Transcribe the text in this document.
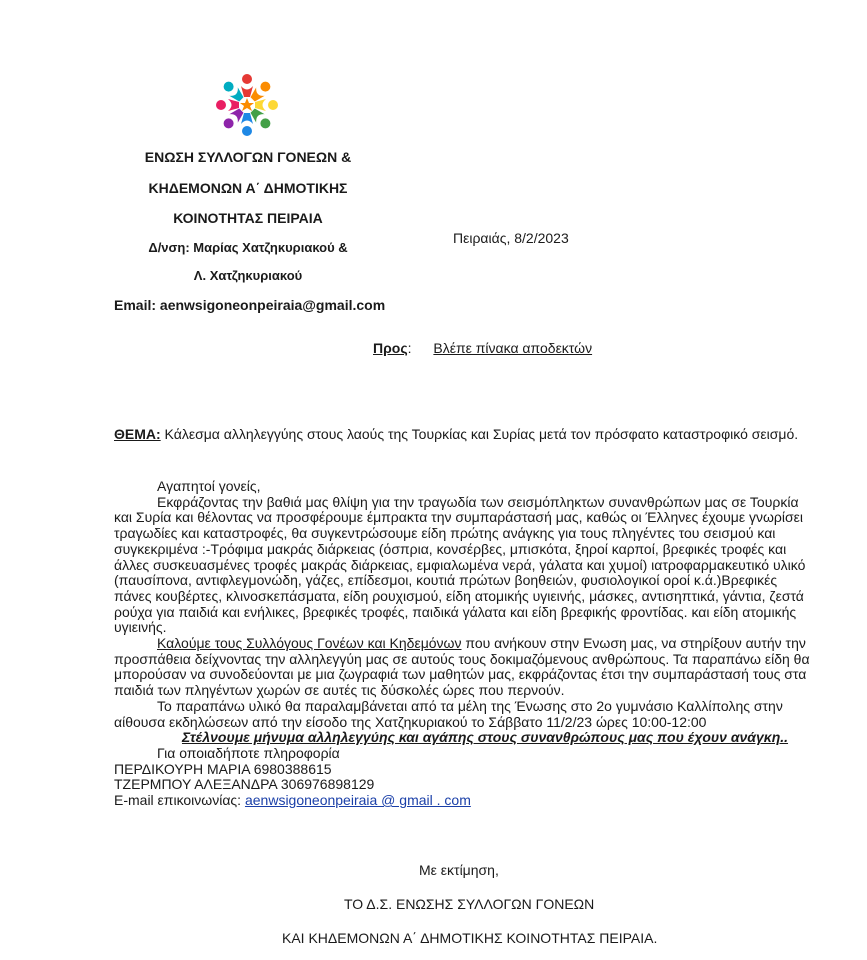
ΕΝΩΣΗ ΣΥΛΛΟΓΩΝ ΓΟΝΕΩΝ &
ΚΗΔΕΜΟΝΩΝ Α΄ ΔΗΜΟΤΙΚΗΣ
ΚΟΙΝΟΤΗΤΑΣ ΠΕΙΡΑΙΑ
Δ/νση: Μαρίας Χατζηκυριακού &
Λ. Χατζηκυριακού
Email: aenwsigoneonpeiraia@gmail.com
Πειραιάς, 8/2/2023
Προς: Βλέπε πίνακα αποδεκτών
ΘΕΜΑ: Κάλεσμα αλληλεγγύης στους λαούς της Τουρκίας και Συρίας μετά τον πρόσφατο καταστροφικό σεισμό.

Αγαπητοί γονείς,

Εκφράζοντας την βαθιά μας θλίψη για την τραγωδία των σεισμόπληκτων συνανθρώπων μας σε Τουρκία και Συρία και θέλοντας να προσφέρουμε έμπρακτα την συμπαράστασή μας, καθώς οι Έλληνες έχουμε γνωρίσει τραγωδίες και καταστροφές, θα συγκεντρώσουμε είδη πρώτης ανάγκης για τους πληγέντες του σεισμού και συγκεκριμένα :-Τρόφιμα μακράς διάρκειας (όσπρια, κονσέρβες, μπισκότα, ξηροί καρποί, βρεφικές τροφές και άλλες συσκευασμένες τροφές μακράς διάρκειας, εμφιαλωμένα νερά, γάλατα και χυμοί) ιατροφαρμακευτικό υλικό (παυσίπονα, αντιφλεγμονώδη, γάζες, επίδεσμοι, κουτιά πρώτων βοηθειών, φυσιολογικοί οροί κ.ά.)Βρεφικές πάνες κουβέρτες, κλινοσκεπάσματα, είδη ρουχισμού, είδη ατομικής υγιεινής, μάσκες, αντισηπτικά, γάντια, ζεστά ρούχα για παιδιά και ενήλικες, βρεφικές τροφές, παιδικά γάλατα και είδη βρεφικής φροντίδας. και είδη ατομικής υγιεινής.

Καλούμε τους Συλλόγους Γονέων και Κηδεμόνων που ανήκουν στην Ενωση μας, να στηρίξουν αυτήν την προσπάθεια δείχνοντας την αλληλεγγύη μας σε αυτούς τους δοκιμαζόμενους ανθρώπους. Τα παραπάνω είδη θα μπορούσαν να συνοδεύονται με μια ζωγραφιά των μαθητών μας, εκφράζοντας έτσι την συμπαράστασή τους στα παιδιά των πληγέντων χωρών σε αυτές τις δύσκολές ώρες που περνούν.

Το παραπάνω υλικό θα παραλαμβάνεται από τα μέλη της Ένωσης στο 2ο γυμνάσιο Καλλίπολης στην αίθουσα εκδηλώσεων από την είσοδο της Χατζηκυριακού το Σάββατο 11/2/23 ώρες 10:00-12:00

Στέλνουμε μήνυμα αλληλεγγύης και αγάπης στους συνανθρώπους μας που έχουν ανάγκη..

Για οποιαδήποτε πληροφορία

ΠΕΡΔΙΚΟΥΡΗ ΜΑΡΙΑ 6980388615

ΤΖΕΡΜΠΟΥ ΑΛΕΞΑΝΔΡΑ 306976898129

E-mail επικοινωνίας: aenwsigoneonpeiraia @ gmail . com

Με εκτίμηση,
ΤΟ Δ.Σ. ΕΝΩΣΗΣ ΣΥΛΛΟΓΩΝ ΓΟΝΕΩΝ
ΚΑΙ ΚΗΔΕΜΟΝΩΝ Α΄ ΔΗΜΟΤΙΚΗΣ ΚΟΙΝΟΤΗΤΑΣ ΠΕΙΡΑΙΑ.
